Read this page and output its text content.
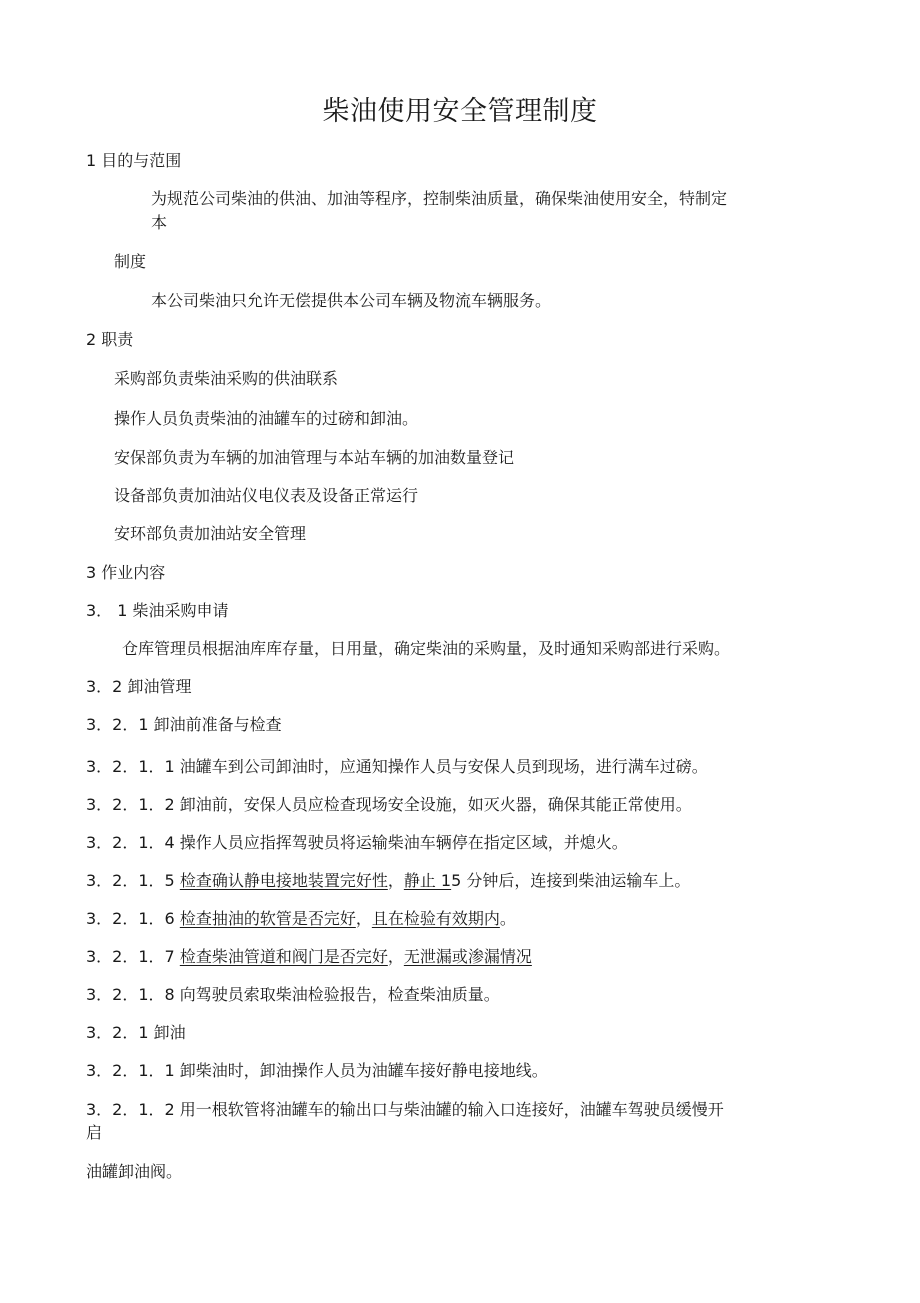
柴油使用安全管理制度
1 目的与范围
为规范公司柴油的供油、加油等程序，控制柴油质量，确保柴油使用安全，特制定
本
制度
本公司柴油只允许无偿提供本公司车辆及物流车辆服务。
2 职责
采购部负责柴油采购的供油联系
操作人员负责柴油的油罐车的过磅和卸油。
安保部负责为车辆的加油管理与本站车辆的加油数量登记
设备部负责加油站仪电仪表及设备正常运行
安环部负责加油站安全管理
3 作业内容
3． 1 柴油采购申请
仓库管理员根据油库库存量，日用量，确定柴油的采购量，及时通知采购部进行采购。
3．2 卸油管理
3．2．1 卸油前准备与检查
3．2．1．1 油罐车到公司卸油时，应通知操作人员与安保人员到现场，进行满车过磅。
3．2．1．2 卸油前，安保人员应检查现场安全设施，如灭火器，确保其能正常使用。
3．2．1．4 操作人员应指挥驾驶员将运输柴油车辆停在指定区域，并熄火。
3．2．1．5 检查确认静电接地装置完好性，静止 15 分钟后，连接到柴油运输车上。
3．2．1．6 检查抽油的软管是否完好，且在检验有效期内。
3．2．1．7 检查柴油管道和阀门是否完好，无泄漏或渗漏情况
3．2．1．8 向驾驶员索取柴油检验报告，检查柴油质量。
3．2．1 卸油
3．2．1．1 卸柴油时，卸油操作人员为油罐车接好静电接地线。
3．2．1．2 用一根软管将油罐车的输出口与柴油罐的输入口连接好，油罐车驾驶员缓慢开
启
油罐卸油阀。
